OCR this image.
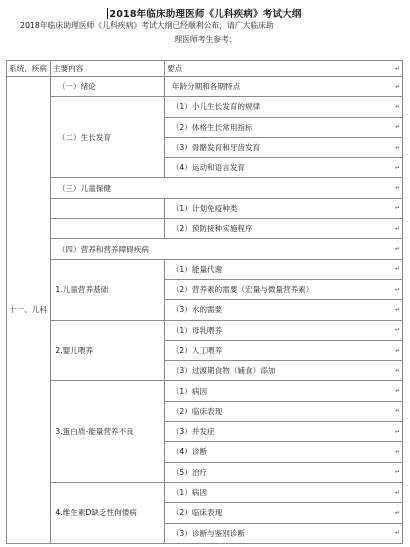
2018年临床助理医师《儿科疾病》考试大纲
2018年临床助理医师《儿科疾病》考试大纲已经顺利公布，请广大临床助
理医师考生参考：
系统、疾病	主要内容	要点 ↵

十一、儿科	（一）绪论	年龄分期和各期特点 ↵

	（二）生长发育	（1）小儿生长发育的规律 ↵

		（2）体格生长常用指标 ↵

		（3）骨骼发育和牙齿发育 ↵

		（4）运动和语言发育 ↵

	（三）儿童保健 ↵	

		（1）计划免疫种类 ↵

		（2）预防接种实施程序 ↵

	（四）营养和营养障碍疾病 ↵	

	1.儿童营养基础	（1）能量代谢 ↵

		（2）营养素的需要（宏量与微量营养素） ↵

		（3）水的需要 ↵

	2.婴儿喂养	（1）母乳喂养 ↵

		（2）人工喂养 ↵

		（3）过渡期食物（辅食）添加 ↵

	3.蛋白质-能量营养不良	（1）病因 ↵

		（2）临床表现 ↵

		（3）并发症 ↵

		（4）诊断 ↵

		（5）治疗 ↵

	4.维生素D缺乏性佝偻病	（1）病因 ↵

		（2）临床表现 ↵

		（3）诊断与鉴别诊断 ↵
